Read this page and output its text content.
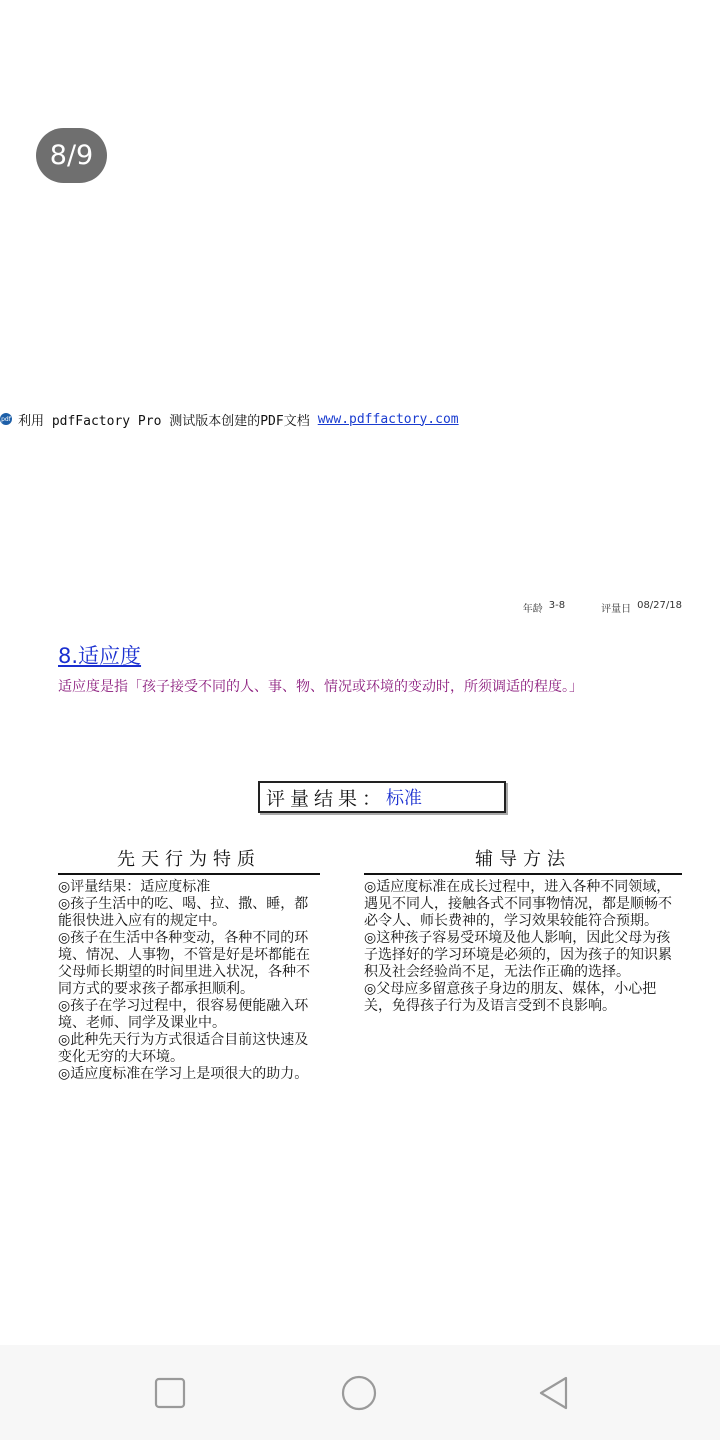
8/9
pdf 利用 pdfFactory Pro 测试版本创建的PDF文档 www.pdffactory.com
年龄 3-8	评量日 08/27/18
8.适应度
适应度是指「孩子接受不同的人、事、物、情况或环境的变动时，所须调适的程度。」
评量结果： 标准
先天行为特质

◎评量结果：适应度标准

◎孩子生活中的吃、喝、拉、撒、睡，都能很快进入应有的规定中。

◎孩子在生活中各种变动，各种不同的环境、情况、人事物，不管是好是坏都能在父母师长期望的时间里进入状况，各种不同方式的要求孩子都承担顺利。

◎孩子在学习过程中，很容易便能融入环境、老师、同学及课业中。

◎此种先天行为方式很适合目前这快速及变化无穷的大环境。

◎适应度标准在学习上是项很大的助力。

辅导方法

◎适应度标准在成长过程中，进入各种不同领域，遇见不同人，接触各式不同事物情况，都是顺畅不必令人、师长费神的，学习效果较能符合预期。

◎这种孩子容易受环境及他人影响，因此父母为孩子选择好的学习环境是必须的，因为孩子的知识累积及社会经验尚不足，无法作正确的选择。

◎父母应多留意孩子身边的朋友、媒体，小心把关，免得孩子行为及语言受到不良影响。
